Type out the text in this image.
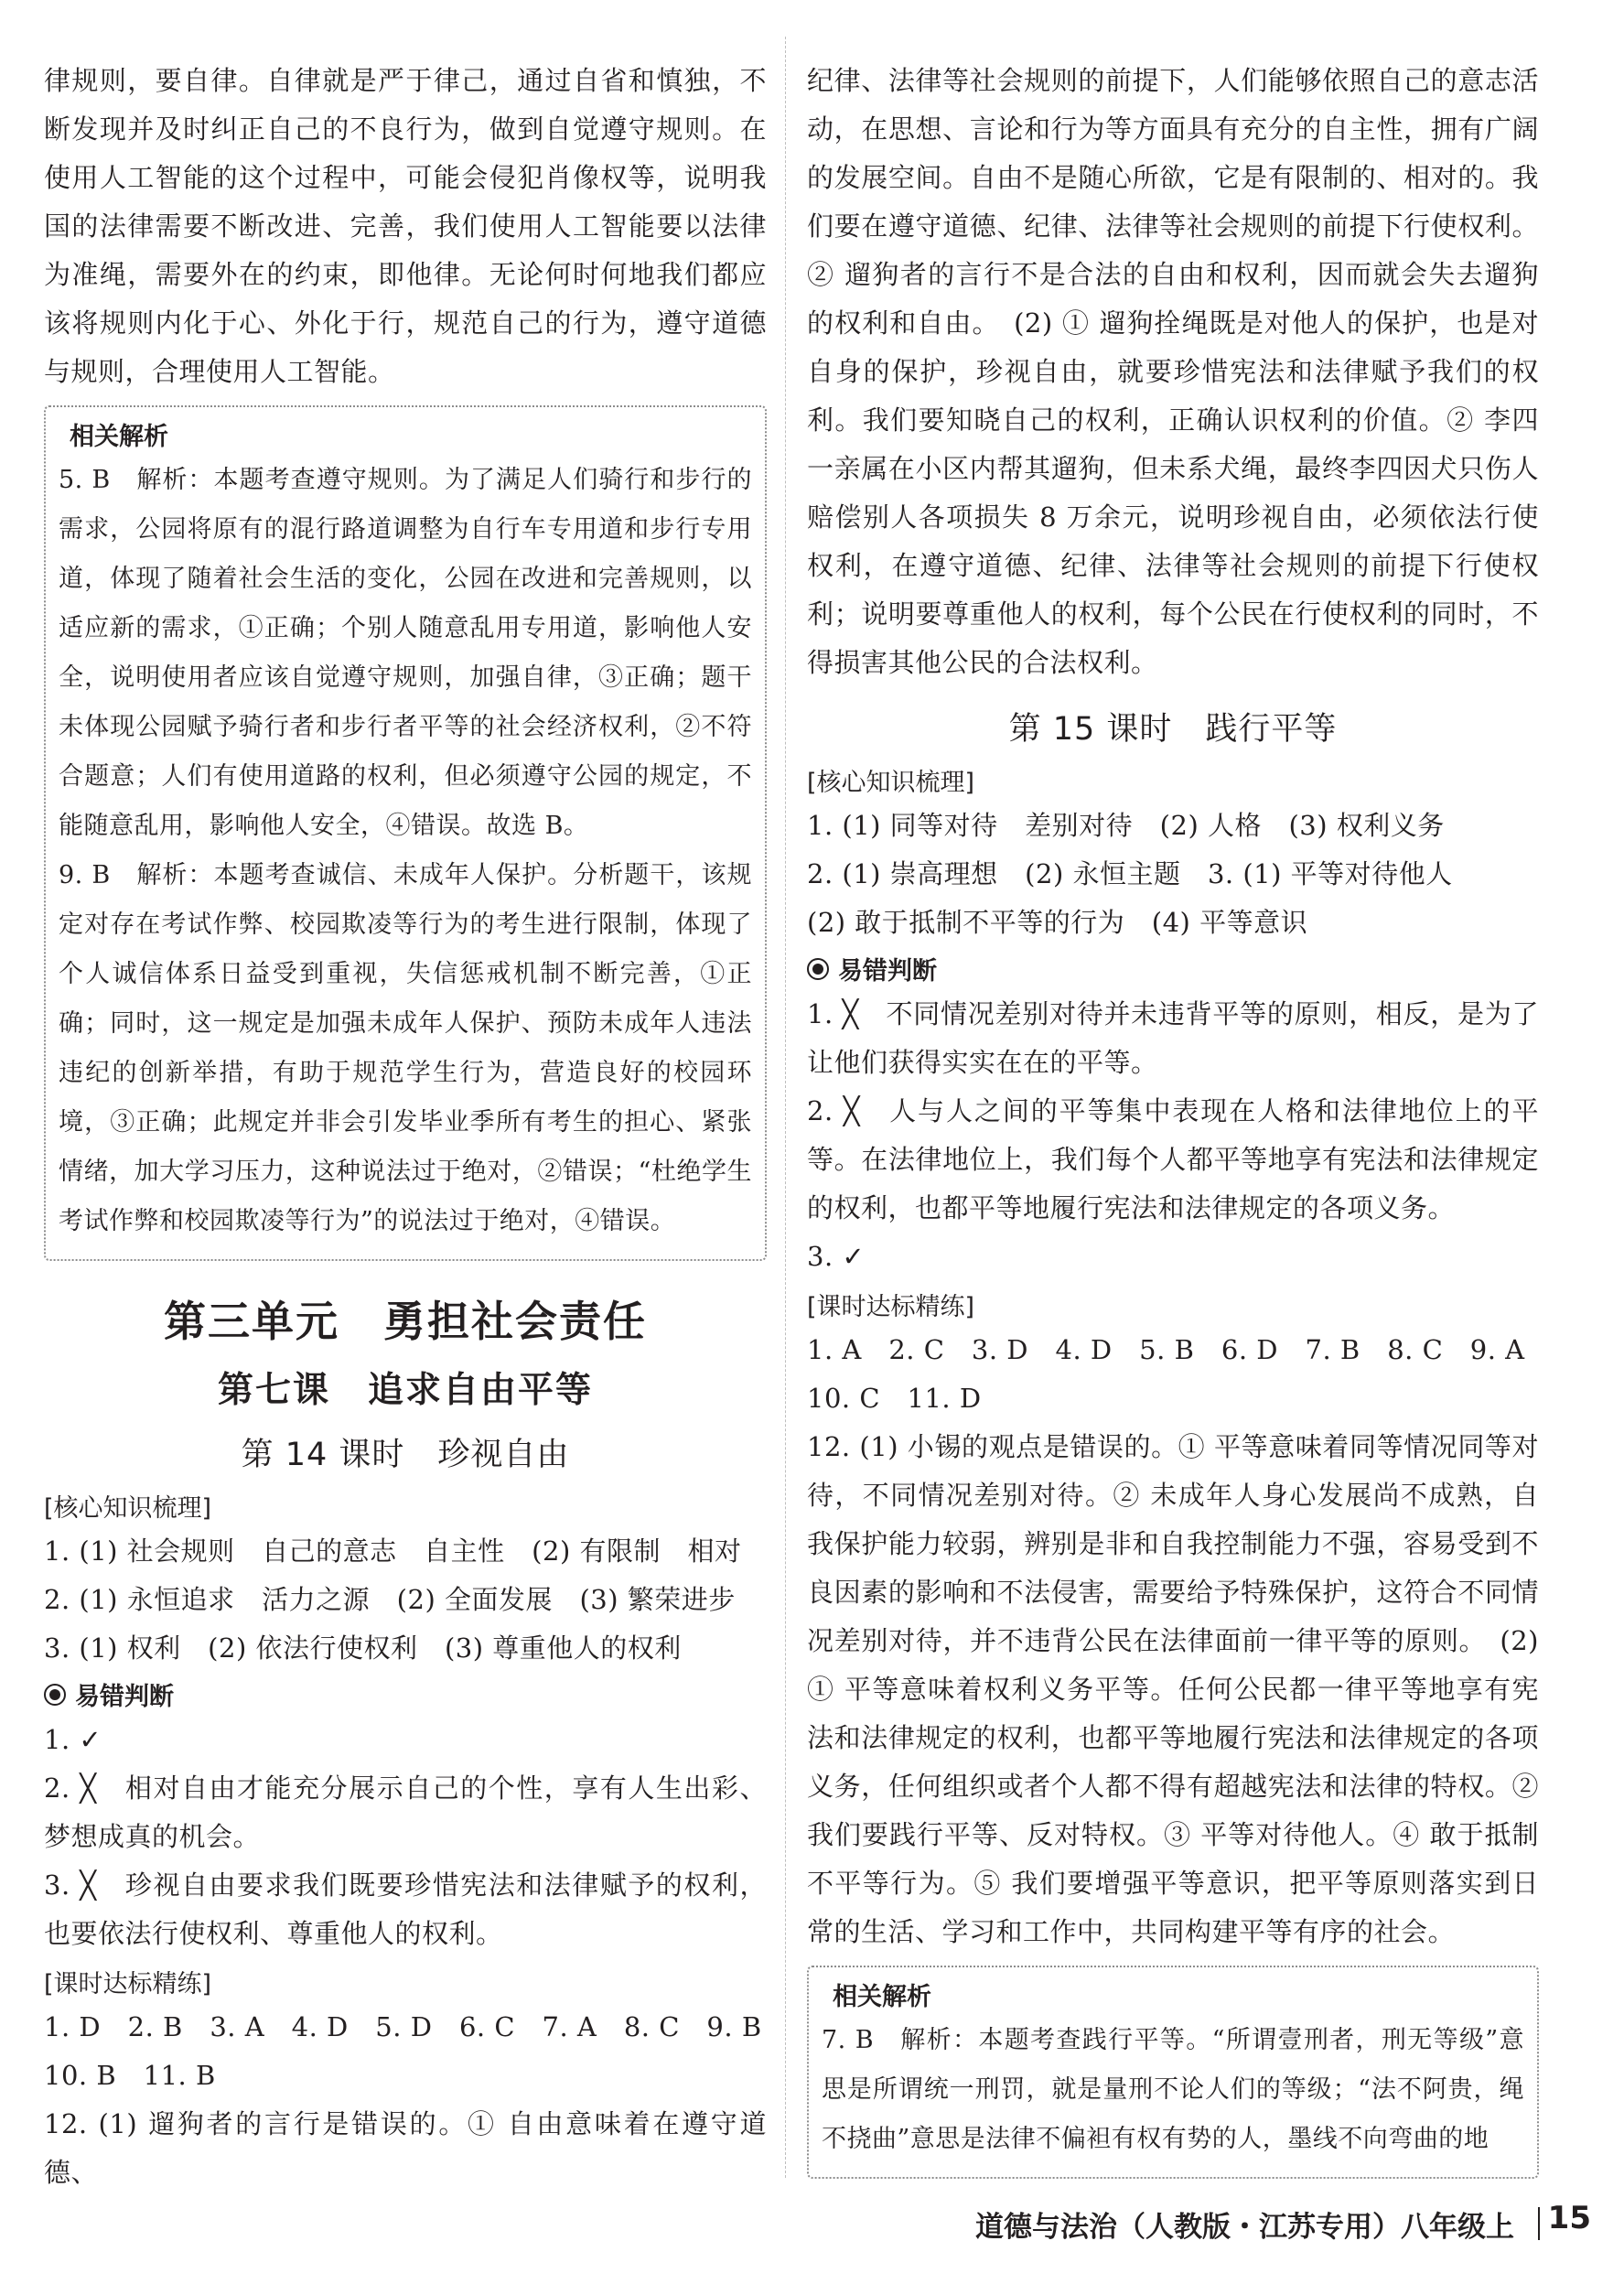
律规则，要自律。自律就是严于律己，通过自省和慎独，不断发现并及时纠正自己的不良行为，做到自觉遵守规则。在使用人工智能的这个过程中，可能会侵犯肖像权等，说明我国的法律需要不断改进、完善，我们使用人工智能要以法律为准绳，需要外在的约束，即他律。无论何时何地我们都应该将规则内化于心、外化于行，规范自己的行为，遵守道德与规则，合理使用人工智能。

相关解析

5. B　解析：本题考查遵守规则。为了满足人们骑行和步行的需求，公园将原有的混行路道调整为自行车专用道和步行专用道，体现了随着社会生活的变化，公园在改进和完善规则，以适应新的需求，①正确；个别人随意乱用专用道，影响他人安全，说明使用者应该自觉遵守规则，加强自律，③正确；题干未体现公园赋予骑行者和步行者平等的社会经济权利，②不符合题意；人们有使用道路的权利，但必须遵守公园的规定，不能随意乱用，影响他人安全，④错误。故选 B。

9. B　解析：本题考查诚信、未成年人保护。分析题干，该规定对存在考试作弊、校园欺凌等行为的考生进行限制，体现了个人诚信体系日益受到重视，失信惩戒机制不断完善，①正确；同时，这一规定是加强未成年人保护、预防未成年人违法违纪的创新举措，有助于规范学生行为，营造良好的校园环境，③正确；此规定并非会引发毕业季所有考生的担心、紧张情绪，加大学习压力，这种说法过于绝对，②错误；“杜绝学生考试作弊和校园欺凌等行为”的说法过于绝对，④错误。

第三单元　勇担社会责任
第七课　追求自由平等
第 14 课时　珍视自由
[核心知识梳理]

1. (1) 社会规则　自己的意志　自主性　(2) 有限制　相对

2. (1) 永恒追求　活力之源　(2) 全面发展　(3) 繁荣进步

3. (1) 权利　(2) 依法行使权利　(3) 尊重他人的权利

易错判断

1. ✓

2. ╳　相对自由才能充分展示自己的个性，享有人生出彩、梦想成真的机会。

3. ╳　珍视自由要求我们既要珍惜宪法和法律赋予的权利，也要依法行使权利、尊重他人的权利。

[课时达标精练]

1. D　2. B　3. A　4. D　5. D　6. C　7. A　8. C　9. B

10. B　11. B

12. (1) 遛狗者的言行是错误的。① 自由意味着在遵守道德、

纪律、法律等社会规则的前提下，人们能够依照自己的意志活动，在思想、言论和行为等方面具有充分的自主性，拥有广阔的发展空间。自由不是随心所欲，它是有限制的、相对的。我们要在遵守道德、纪律、法律等社会规则的前提下行使权利。② 遛狗者的言行不是合法的自由和权利，因而就会失去遛狗的权利和自由。　(2) ① 遛狗拴绳既是对他人的保护，也是对自身的保护，珍视自由，就要珍惜宪法和法律赋予我们的权利。我们要知晓自己的权利，正确认识权利的价值。② 李四一亲属在小区内帮其遛狗，但未系犬绳，最终李四因犬只伤人赔偿别人各项损失 8 万余元，说明珍视自由，必须依法行使权利，在遵守道德、纪律、法律等社会规则的前提下行使权利；说明要尊重他人的权利，每个公民在行使权利的同时，不得损害其他公民的合法权利。

第 15 课时　践行平等
[核心知识梳理]

1. (1) 同等对待　差别对待　(2) 人格　(3) 权利义务

2. (1) 崇高理想　(2) 永恒主题　3. (1) 平等对待他人

(2) 敢于抵制不平等的行为　(4) 平等意识

易错判断

1. ╳　不同情况差别对待并未违背平等的原则，相反，是为了让他们获得实实在在的平等。

2. ╳　人与人之间的平等集中表现在人格和法律地位上的平等。在法律地位上，我们每个人都平等地享有宪法和法律规定的权利，也都平等地履行宪法和法律规定的各项义务。

3. ✓

[课时达标精练]

1. A　2. C　3. D　4. D　5. B　6. D　7. B　8. C　9. A

10. C　11. D

12. (1) 小锡的观点是错误的。① 平等意味着同等情况同等对待，不同情况差别对待。② 未成年人身心发展尚不成熟，自我保护能力较弱，辨别是非和自我控制能力不强，容易受到不良因素的影响和不法侵害，需要给予特殊保护，这符合不同情况差别对待，并不违背公民在法律面前一律平等的原则。　(2) ① 平等意味着权利义务平等。任何公民都一律平等地享有宪法和法律规定的权利，也都平等地履行宪法和法律规定的各项义务，任何组织或者个人都不得有超越宪法和法律的特权。② 我们要践行平等、反对特权。③ 平等对待他人。④ 敢于抵制不平等行为。⑤ 我们要增强平等意识，把平等原则落实到日常的生活、学习和工作中，共同构建平等有序的社会。

相关解析

7. B　解析：本题考查践行平等。“所谓壹刑者，刑无等级”意思是所谓统一刑罚，就是量刑不论人们的等级；“法不阿贵，绳不挠曲”意思是法律不偏袒有权有势的人，墨线不向弯曲的地

道德与法治（人教版・江苏专用）八年级上 15
